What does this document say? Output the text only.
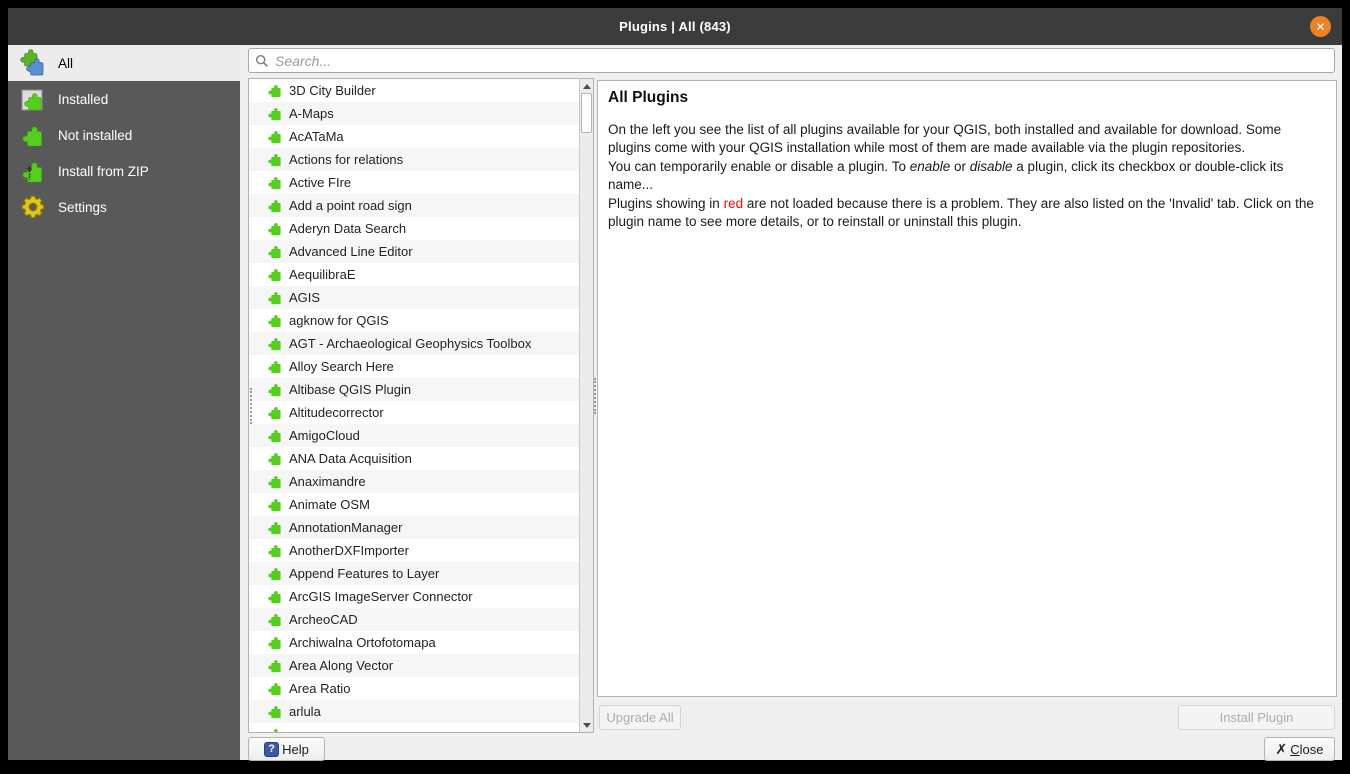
Plugins | All (843)	✕
All
Installed
Not installed
Install from ZIP
Settings
Search...
3D City Builder
A-Maps
AcATaMa
Actions for relations
Active FIre
Add a point road sign
Aderyn Data Search
Advanced Line Editor
AequilibraE
AGIS
agknow for QGIS
AGT - Archaeological Geophysics Toolbox
Alloy Search Here
Altibase QGIS Plugin
Altitudecorrector
AmigoCloud
ANA Data Acquisition
Anaximandre
Animate OSM
AnnotationManager
AnotherDXFImporter
Append Features to Layer
ArcGIS ImageServer Connector
ArcheoCAD
Archiwalna Ortofotomapa
Area Along Vector
Area Ratio
arlula
All Plugins

On the left you see the list of all plugins available for your QGIS, both installed and available for download. Some plugins come with your QGIS installation while most of them are made available via the plugin repositories.

You can temporarily enable or disable a plugin. To enable or disable a plugin, click its checkbox or double-click its name...

Plugins showing in red are not loaded because there is a problem. They are also listed on the 'Invalid' tab. Click on the plugin name to see more details, or to reinstall or uninstall this plugin.

Upgrade All	Install Plugin
? Help	✗ Close
